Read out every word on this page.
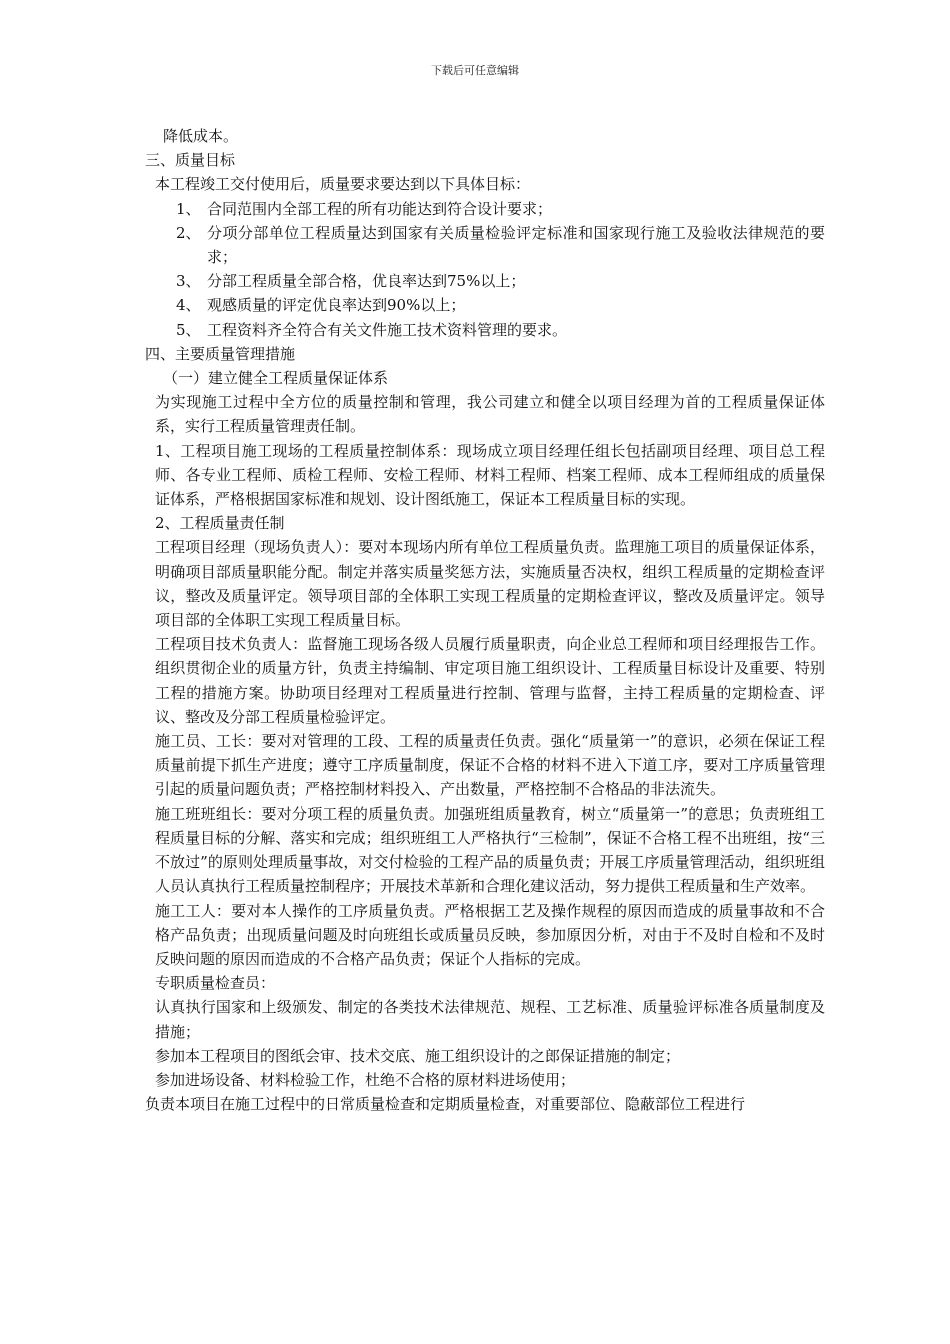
下载后可任意编辑

降低成本。

三、质量目标

本工程竣工交付使用后，质量要求要达到以下具体目标：

1、 合同范围内全部工程的所有功能达到符合设计要求；
2、 分项分部单位工程质量达到国家有关质量检验评定标准和国家现行施工及验收法律规范的要求；
3、 分部工程质量全部合格，优良率达到75%以上；
4、 观感质量的评定优良率达到90%以上；
5、 工程资料齐全符合有关文件施工技术资料管理的要求。

四、主要质量管理措施

（一）建立健全工程质量保证体系

为实现施工过程中全方位的质量控制和管理，我公司建立和健全以项目经理为首的工程质量保证体系，实行工程质量管理责任制。

1、工程项目施工现场的工程质量控制体系：现场成立项目经理任组长包括副项目经理、项目总工程师、各专业工程师、质检工程师、安检工程师、材料工程师、档案工程师、成本工程师组成的质量保证体系，严格根据国家标准和规划、设计图纸施工，保证本工程质量目标的实现。

2、工程质量责任制

工程项目经理（现场负责人）：要对本现场内所有单位工程质量负责。监理施工项目的质量保证体系，明确项目部质量职能分配。制定并落实质量奖惩方法，实施质量否决权，组织工程质量的定期检查评议，整改及质量评定。领导项目部的全体职工实现工程质量的定期检查评议，整改及质量评定。领导项目部的全体职工实现工程质量目标。

工程项目技术负责人：监督施工现场各级人员履行质量职责，向企业总工程师和项目经理报告工作。组织贯彻企业的质量方针，负责主持编制、审定项目施工组织设计、工程质量目标设计及重要、特别工程的措施方案。协助项目经理对工程质量进行控制、管理与监督，主持工程质量的定期检查、评议、整改及分部工程质量检验评定。

施工员、工长：要对对管理的工段、工程的质量责任负责。强化“质量第一”的意识，必须在保证工程质量前提下抓生产进度；遵守工序质量制度，保证不合格的材料不进入下道工序，要对工序质量管理引起的质量问题负责；严格控制材料投入、产出数量，严格控制不合格品的非法流失。

施工班班组长：要对分项工程的质量负责。加强班组质量教育，树立“质量第一”的意思；负责班组工程质量目标的分解、落实和完成；组织班组工人严格执行“三检制”，保证不合格工程不出班组，按“三不放过”的原则处理质量事故，对交付检验的工程产品的质量负责；开展工序质量管理活动，组织班组人员认真执行工程质量控制程序；开展技术革新和合理化建议活动，努力提供工程质量和生产效率。

施工工人：要对本人操作的工序质量负责。严格根据工艺及操作规程的原因而造成的质量事故和不合格产品负责；出现质量问题及时向班组长或质量员反映，参加原因分析，对由于不及时自检和不及时反映问题的原因而造成的不合格产品负责；保证个人指标的完成。

专职质量检查员：

认真执行国家和上级颁发、制定的各类技术法律规范、规程、工艺标准、质量验评标准各质量制度及措施；

参加本工程项目的图纸会审、技术交底、施工组织设计的之郎保证措施的制定；

参加进场设备、材料检验工作，杜绝不合格的原材料进场使用；

负责本项目在施工过程中的日常质量检查和定期质量检查，对重要部位、隐蔽部位工程进行
